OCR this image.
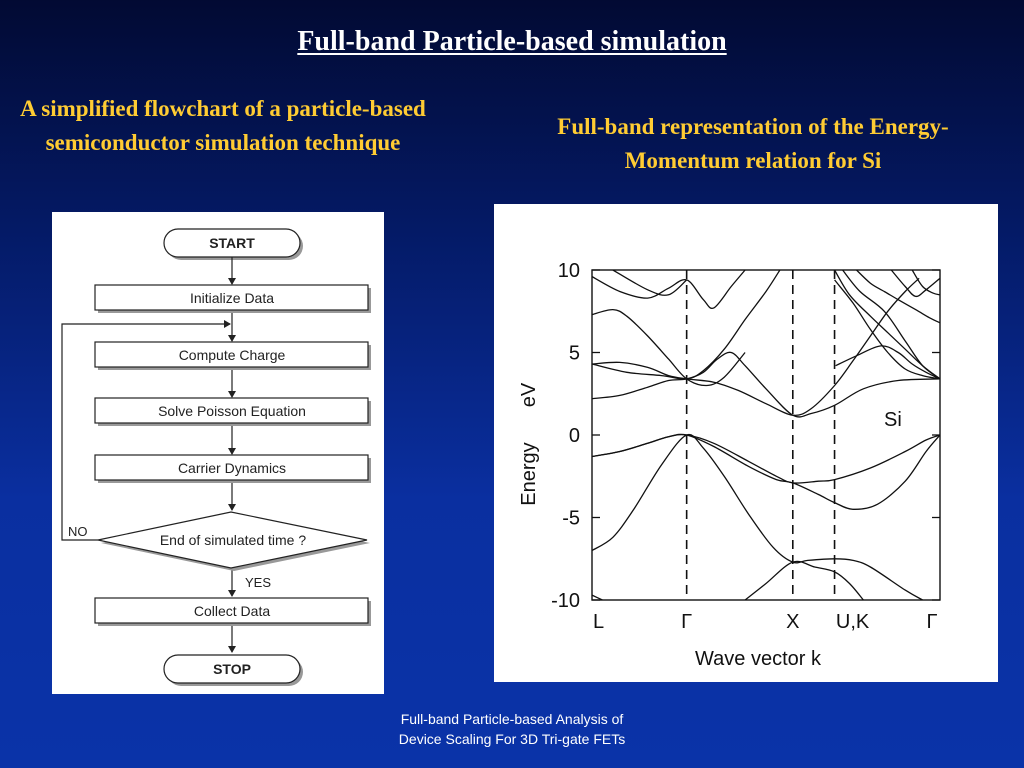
Full-band Particle-based simulation
A simplified flowchart of a particle-based semiconductor simulation technique
Full-band representation of the Energy-Momentum relation for Si
START
Initialize Data
Compute Charge
Solve Poisson Equation
Carrier Dynamics
End of simulated time ?
NO
YES
Collect Data
STOP
10
5
0
-5
-10
L	Γ	X U,K	Γ
Si
Energy
eV
Wave vector k
Full-band Particle-based Analysis of
Device Scaling For 3D Tri-gate FETs
